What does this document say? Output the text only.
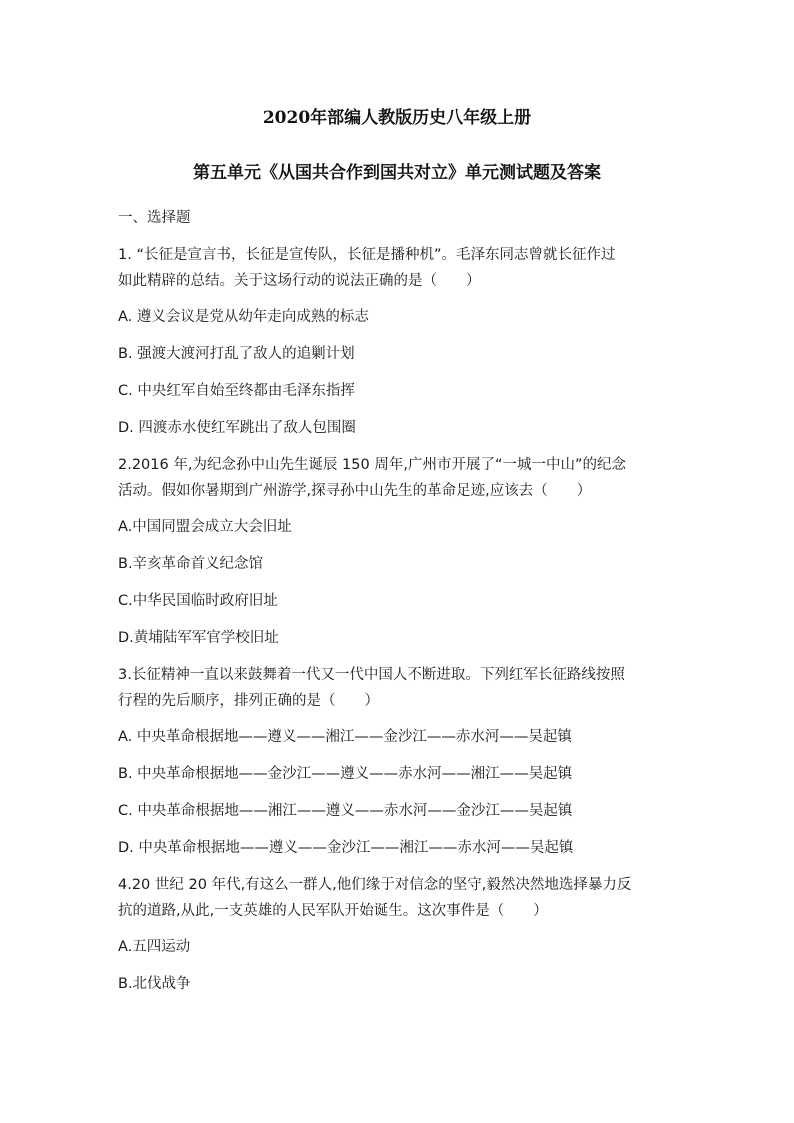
2020年部编人教版历史八年级上册
第五单元《从国共合作到国共对立》单元测试题及答案
一、选择题
1. “长征是宣言书，长征是宣传队，长征是播种机”。毛泽东同志曾就长征作过
如此精辟的总结。关于这场行动的说法正确的是（　　）
A. 遵义会议是党从幼年走向成熟的标志
B. 强渡大渡河打乱了敌人的追剿计划
C. 中央红军自始至终都由毛泽东指挥
D. 四渡赤水使红军跳出了敌人包围圈
2.2016 年,为纪念孙中山先生诞辰 150 周年,广州市开展了“一城一中山”的纪念
活动。假如你暑期到广州游学,探寻孙中山先生的革命足迹,应该去（　　）
A.中国同盟会成立大会旧址
B.辛亥革命首义纪念馆
C.中华民国临时政府旧址
D.黄埔陆军军官学校旧址
3.长征精神一直以来鼓舞着一代又一代中国人不断进取。下列红军长征路线按照
行程的先后顺序，排列正确的是（　　）
A. 中央革命根据地——遵义——湘江——金沙江——赤水河——吴起镇
B. 中央革命根据地——金沙江——遵义——赤水河——湘江——吴起镇
C. 中央革命根据地——湘江——遵义——赤水河——金沙江——吴起镇
D. 中央革命根据地——遵义——金沙江——湘江——赤水河——吴起镇
4.20 世纪 20 年代,有这么一群人,他们缘于对信念的坚守,毅然决然地选择暴力反
抗的道路,从此,一支英雄的人民军队开始诞生。这次事件是（　　）
A.五四运动
B.北伐战争
